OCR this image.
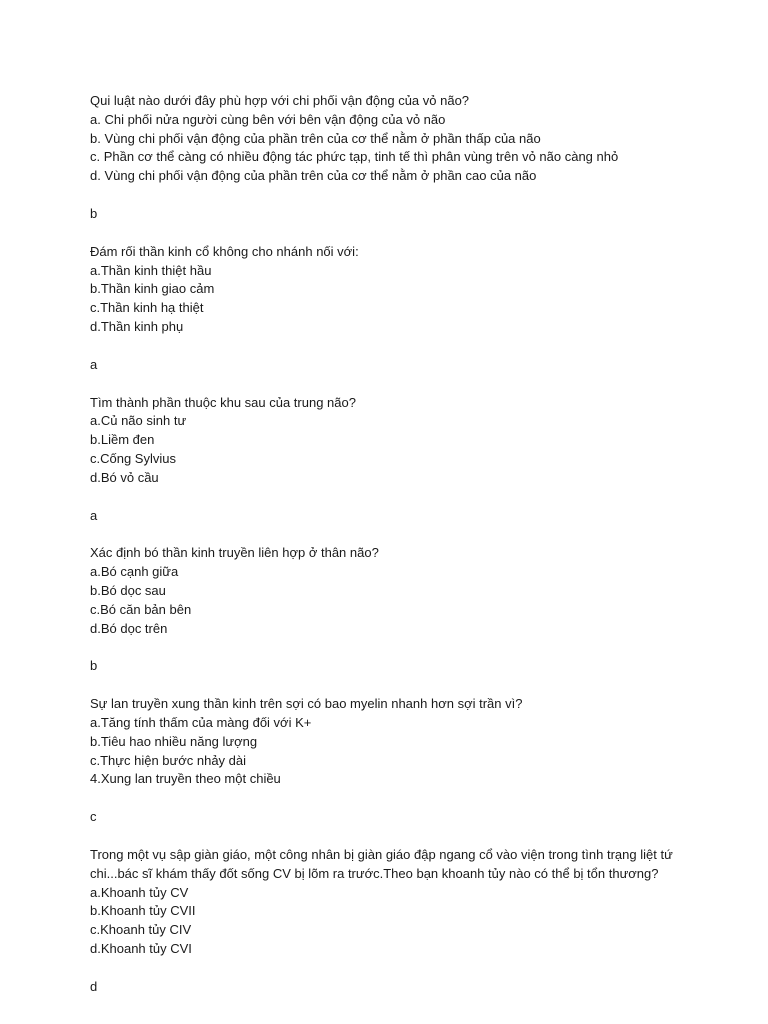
Qui luật nào dưới đây phù hợp với chi phối vận động của vỏ não?
a. Chi phối nửa người cùng bên với bên vận động của vỏ não
b. Vùng chi phối vận động của phần trên của cơ thể nằm ở phần thấp của não
c. Phần cơ thể càng có nhiều động tác phức tạp, tinh tế thì phân vùng trên vỏ não càng nhỏ
d. Vùng chi phối vận động của phần trên của cơ thể nằm ở phần cao của não
b
Đám rối thần kinh cổ không cho nhánh nối với:
a.Thần kinh thiệt hầu
b.Thần kinh giao cảm
c.Thần kinh hạ thiệt
d.Thần kinh phụ
a
Tìm thành phần thuộc khu sau của trung não?
a.Củ não sinh tư
b.Liềm đen
c.Cống Sylvius
d.Bó vỏ cầu
a
Xác định bó thần kinh truyền liên hợp ở thân não?
a.Bó cạnh giữa
b.Bó dọc sau
c.Bó căn bản bên
d.Bó dọc trên
b
Sự lan truyền xung thần kinh trên sợi có bao myelin nhanh hơn sợi trần vì?
a.Tăng tính thấm của màng đối với K+
b.Tiêu hao nhiều năng lượng
c.Thực hiện bước nhảy dài
4.Xung lan truyền theo một chiều
c
Trong một vụ sập giàn giáo, một công nhân bị giàn giáo đập ngang cổ vào viện trong tình trạng liệt tứ chi...bác sĩ khám thấy đốt sống CV bị lõm ra trước.Theo bạn khoanh tủy nào có thể bị tổn thương?
a.Khoanh tủy CV
b.Khoanh tủy CVII
c.Khoanh tủy CIV
d.Khoanh tủy CVI
d
